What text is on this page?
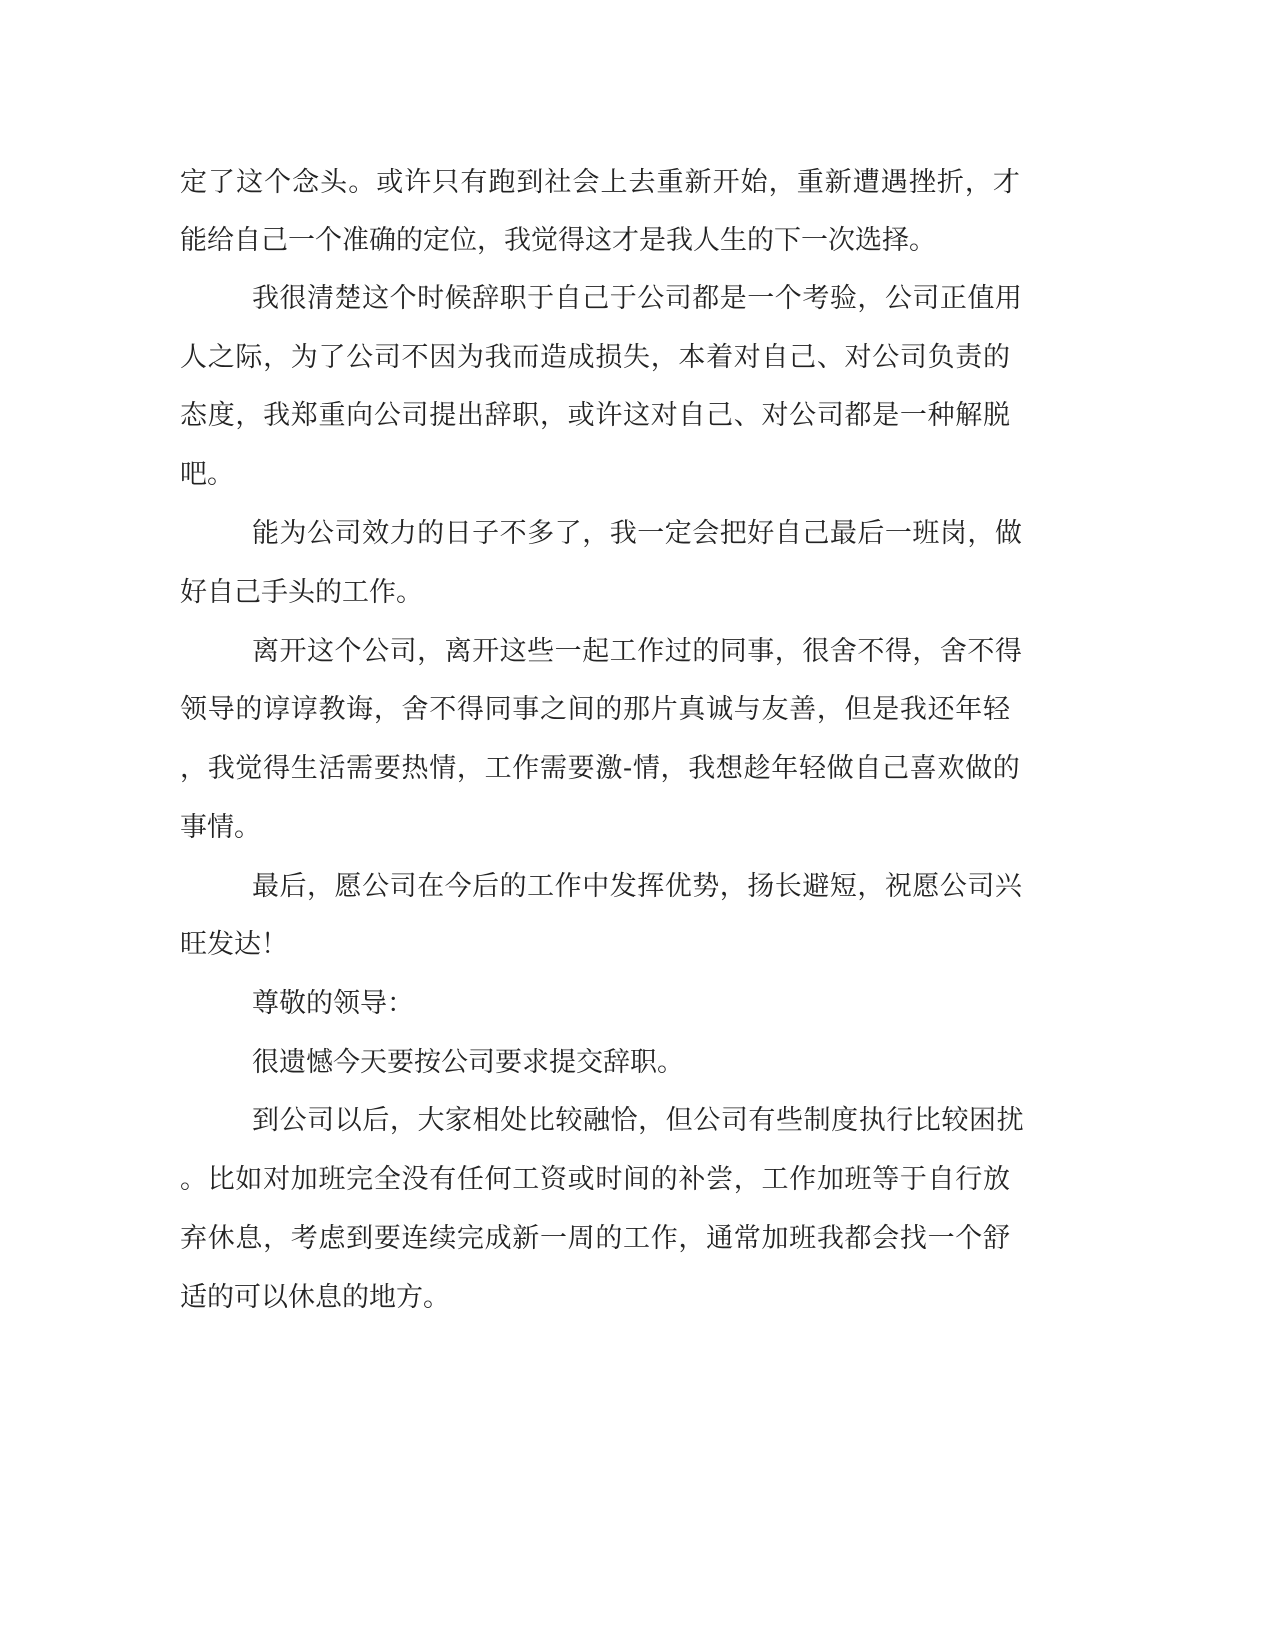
定 了 这 个 念 头 。 或 许 只 有 跑 到 社 会 上 去 重 新 开 始 ， 重 新 遭 遇 挫 折 ， 才
能给自己一个准确的定位，我觉得这才是我人生的下一次选择。
我 很 清 楚 这 个 时 候 辞 职 于 自 己 于 公 司 都 是 一 个 考 验 ， 公 司 正 值 用
人 之 际 ， 为 了 公 司 不 因 为 我 而 造 成 损 失 ， 本 着 对 自 己 、 对 公 司 负 责 的
态 度 ， 我 郑 重 向 公 司 提 出 辞 职 ， 或 许 这 对 自 己 、 对 公 司 都 是 一 种 解 脱
吧。
能 为 公 司 效 力 的 日 子 不 多 了 ， 我 一 定 会 把 好 自 己 最 后 一 班 岗 ， 做
好自己手头的工作。
离 开 这 个 公 司 ， 离 开 这 些 一 起 工 作 过 的 同 事 ， 很 舍 不 得 ， 舍 不 得
领 导 的 谆 谆 教 诲 ， 舍 不 得 同 事 之 间 的 那 片 真 诚 与 友 善 ， 但 是 我 还 年 轻
， 我 觉 得 生 活 需 要 热 情 ， 工 作 需 要 激 - 情 ， 我 想 趁 年 轻 做 自 己 喜 欢 做 的
事情。
最 后 ， 愿 公 司 在 今 后 的 工 作 中 发 挥 优 势 ， 扬 长 避 短 ， 祝 愿 公 司 兴
旺发达！
尊敬的领导：
很遗憾今天要按公司要求提交辞职。
到 公 司 以 后 ， 大 家 相 处 比 较 融 恰 ， 但 公 司 有 些 制 度 执 行 比 较 困 扰
。 比 如 对 加 班 完 全 没 有 任 何 工 资 或 时 间 的 补 尝 ， 工 作 加 班 等 于 自 行 放
弃 休 息 ， 考 虑 到 要 连 续 完 成 新 一 周 的 工 作 ， 通 常 加 班 我 都 会 找 一 个 舒
适的可以休息的地方。
